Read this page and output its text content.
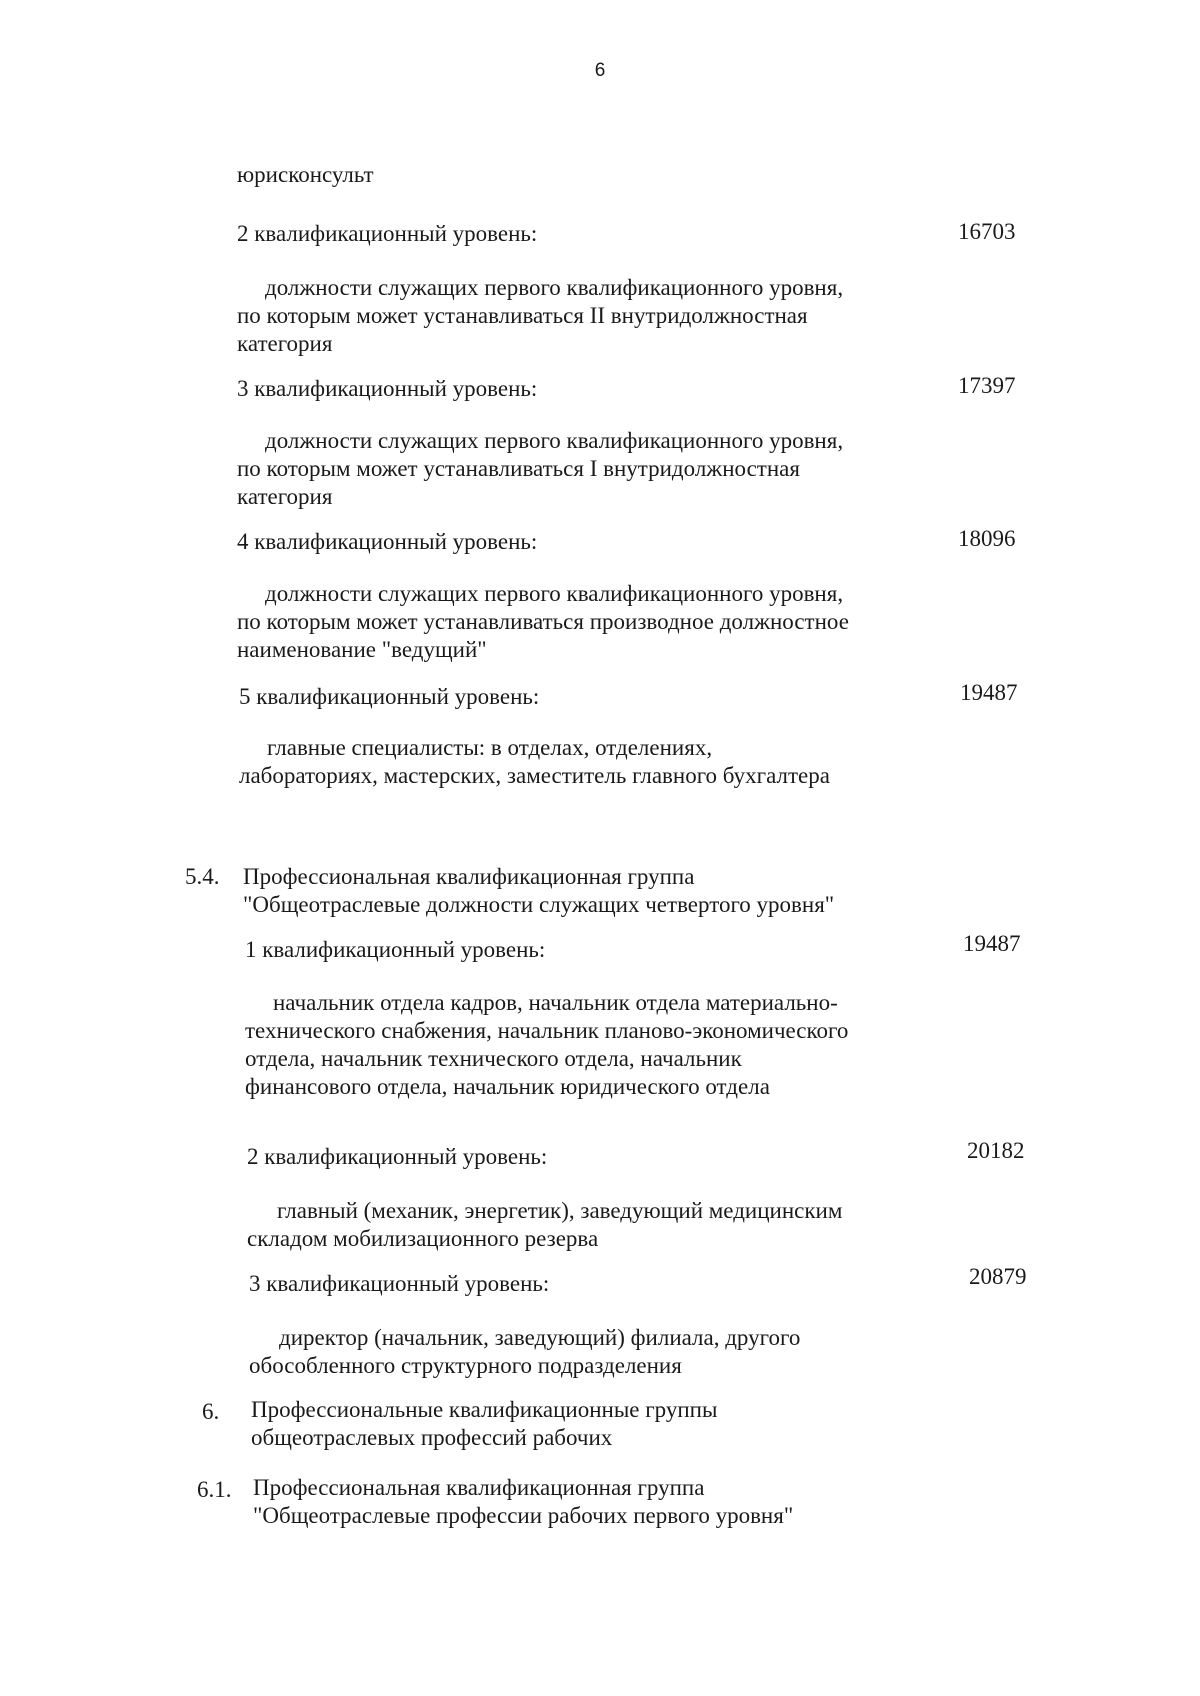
6
юрисконсульт
2 квалификационный уровень:	16703
должности служащих первого квалификационного уровня,
по которым может устанавливаться II внутридолжностная
категория
3 квалификационный уровень:	17397
должности служащих первого квалификационного уровня,
по которым может устанавливаться I внутридолжностная
категория
4 квалификационный уровень:	18096
должности служащих первого квалификационного уровня,
по которым может устанавливаться производное должностное
наименование "ведущий"
5 квалификационный уровень:	19487
главные специалисты: в отделах, отделениях,
лабораториях, мастерских, заместитель главного бухгалтера
5.4. Профессиональная квалификационная группа
"Общеотраслевые должности служащих четвертого уровня"
1 квалификационный уровень:	19487
начальник отдела кадров, начальник отдела материально-
технического снабжения, начальник планово-экономического
отдела, начальник технического отдела, начальник
финансового отдела, начальник юридического отдела
2 квалификационный уровень:	20182
главный (механик, энергетик), заведующий медицинским
складом мобилизационного резерва
3 квалификационный уровень:	20879
директор (начальник, заведующий) филиала, другого
обособленного структурного подразделения
6. Профессиональные квалификационные группы
общеотраслевых профессий рабочих
6.1. Профессиональная квалификационная группа
"Общеотраслевые профессии рабочих первого уровня"
